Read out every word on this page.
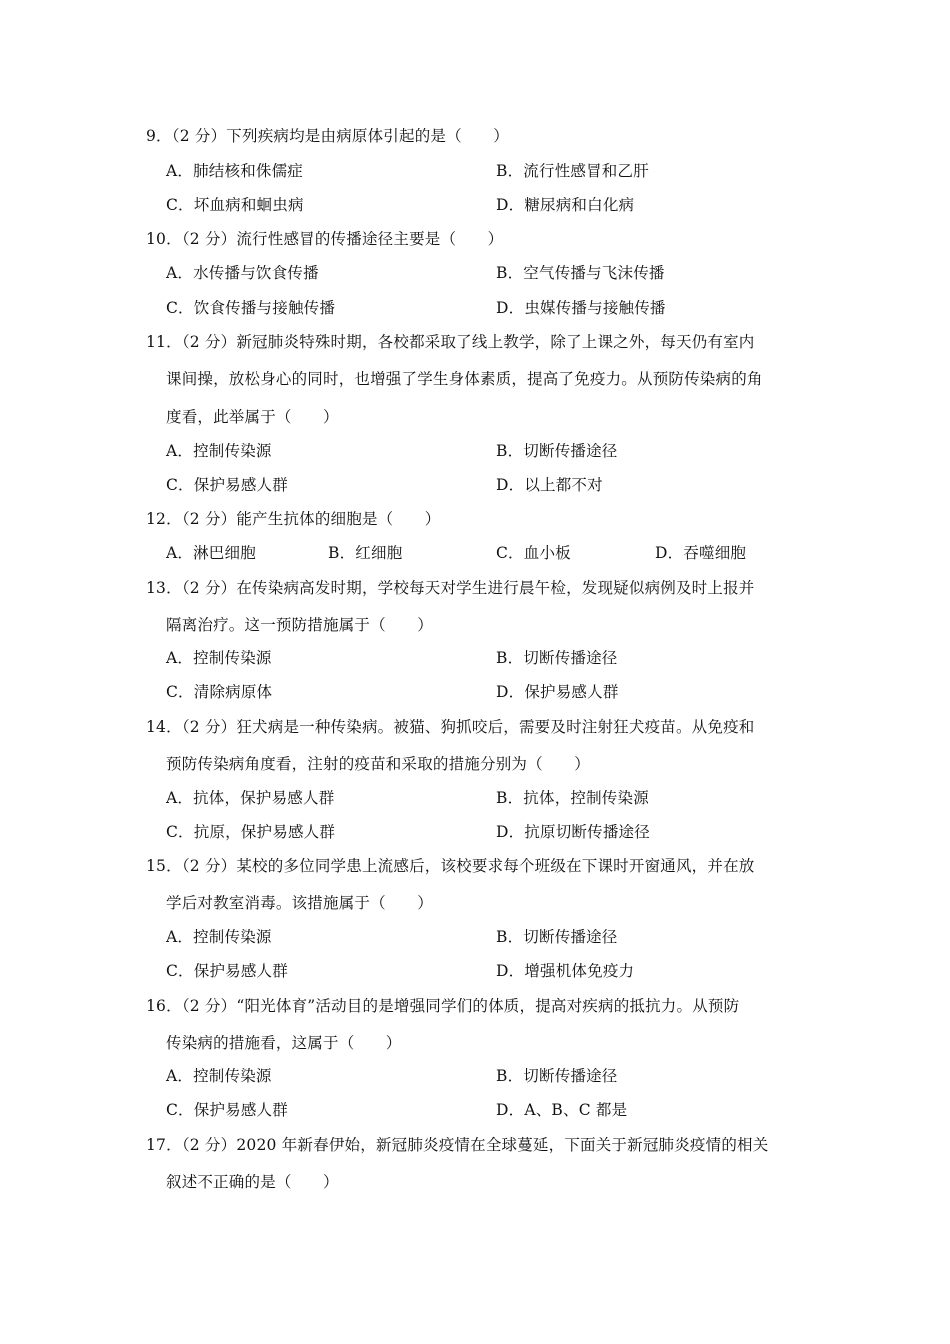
9．（2 分）下列疾病均是由病原体引起的是（　　）
A．肺结核和侏儒症	B．流行性感冒和乙肝
C．坏血病和蛔虫病	D．糖尿病和白化病
10．（2 分）流行性感冒的传播途径主要是（　　）
A．水传播与饮食传播	B．空气传播与飞沫传播
C．饮食传播与接触传播	D．虫媒传播与接触传播
11．（2 分）新冠肺炎特殊时期，各校都采取了线上教学，除了上课之外，每天仍有室内
课间操，放松身心的同时，也增强了学生身体素质，提高了免疫力。从预防传染病的角
度看，此举属于（　　）
A．控制传染源	B．切断传播途径
C．保护易感人群	D．以上都不对
12．（2 分）能产生抗体的细胞是（　　）
A．淋巴细胞	B．红细胞	C．血小板	D．吞噬细胞
13．（2 分）在传染病高发时期，学校每天对学生进行晨午检，发现疑似病例及时上报并
隔离治疗。这一预防措施属于（　　）
A．控制传染源	B．切断传播途径
C．清除病原体	D．保护易感人群
14．（2 分）狂犬病是一种传染病。被猫、狗抓咬后，需要及时注射狂犬疫苗。从免疫和
预防传染病角度看，注射的疫苗和采取的措施分别为（　　）
A．抗体，保护易感人群	B．抗体，控制传染源
C．抗原，保护易感人群	D．抗原切断传播途径
15．（2 分）某校的多位同学患上流感后，该校要求每个班级在下课时开窗通风，并在放
学后对教室消毒。该措施属于（　　）
A．控制传染源	B．切断传播途径
C．保护易感人群	D．增强机体免疫力
16．（2 分）“阳光体育”活动目的是增强同学们的体质，提高对疾病的抵抗力。从预防
传染病的措施看，这属于（　　）
A．控制传染源	B．切断传播途径
C．保护易感人群	D．A、B、C 都是
17．（2 分）2020 年新春伊始，新冠肺炎疫情在全球蔓延，下面关于新冠肺炎疫情的相关
叙述不正确的是（　　）
